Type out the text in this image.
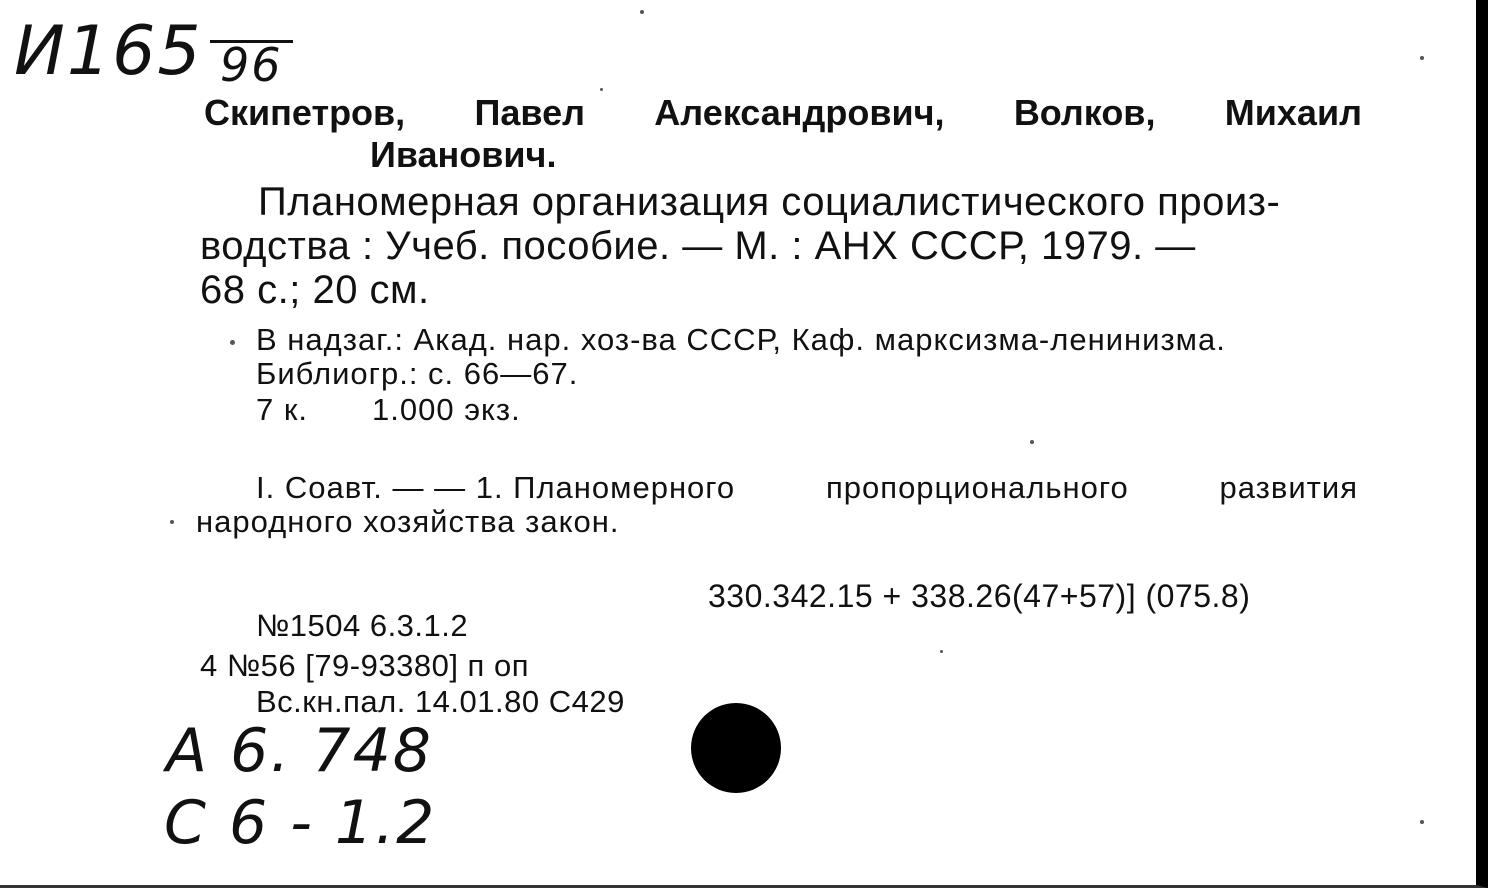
И165 96
Скипетров, Павел Александрович, Волков, Михаил
Иванович.
Планомерная организация социалистического произ-
водства : Учеб. пособие. — М. : АНХ СССР, 1979. —
68 с.; 20 см.
В надзаг.: Акад. нар. хоз-ва СССР, Каф. марксизма-ленинизма.
Библиогр.: с. 66—67.
7 к. 1.000 экз.
I. Соавт. — — 1. Планомерного	пропорционального	развития
народного хозяйства закон.
330.342.15 + 338.26(47+57)] (075.8)
№1504 6.3.1.2
4 №56 [79-93380] п оп
Вс.кн.пал. 14.01.80 С429
А 6. 748
С 6 - 1.2
